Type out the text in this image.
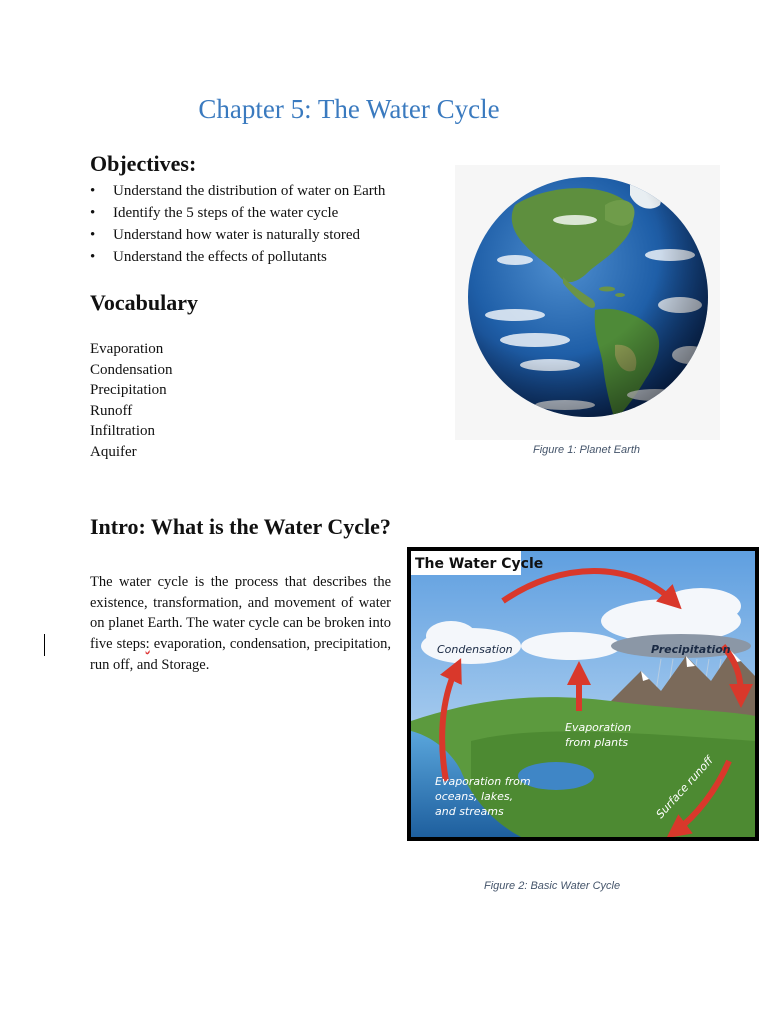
Chapter 5: The Water Cycle
Objectives:
• Understand the distribution of water on Earth
• Identify the 5 steps of the water cycle
• Understand how water is naturally stored
• Understand the effects of pollutants
Vocabulary
Evaporation
Condensation
Precipitation
Runoff
Infiltration
Aquifer	Figure 1: Planet Earth
Intro: What is the Water Cycle?

The water cycle is the process that describes the existence, transformation, and movement of water on planet Earth. The water cycle can be broken into five steps: evaporation, condensation, precipitation, run off, and Storage.

The Water Cycle
Condensation	Precipitation
Evaporation
from plants
Evaporation from
oceans, lakes,
and streams	Surface runoff
Figure 2: Basic Water Cycle
